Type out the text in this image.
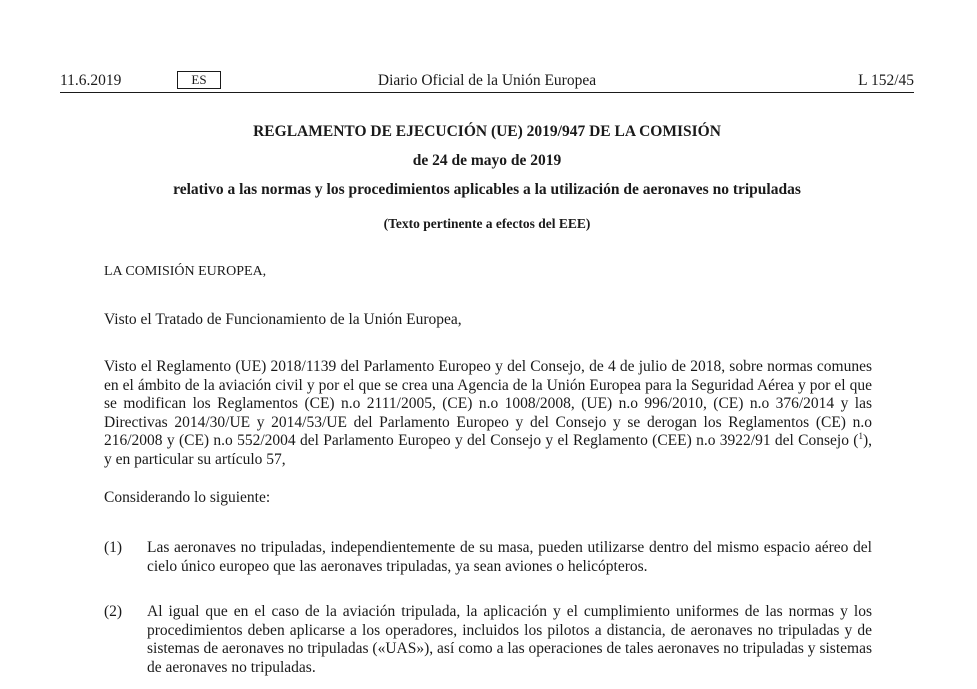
11.6.2019	ES	Diario Oficial de la Unión Europea	L 152/45
REGLAMENTO DE EJECUCIÓN (UE) 2019/947 DE LA COMISIÓN
de 24 de mayo de 2019
relativo a las normas y los procedimientos aplicables a la utilización de aeronaves no tripuladas
(Texto pertinente a efectos del EEE)
LA COMISIÓN EUROPEA,
Visto el Tratado de Funcionamiento de la Unión Europea,
Visto el Reglamento (UE) 2018/1139 del Parlamento Europeo y del Consejo, de 4 de julio de 2018, sobre normas comunes en el ámbito de la aviación civil y por el que se crea una Agencia de la Unión Europea para la Seguridad Aérea y por el que se modifican los Reglamentos (CE) n.o 2111/2005, (CE) n.o 1008/2008, (UE) n.o 996/2010, (CE) n.o 376/2014 y las Directivas 2014/30/UE y 2014/53/UE del Parlamento Europeo y del Consejo y se derogan los Reglamentos (CE) n.o 216/2008 y (CE) n.o 552/2004 del Parlamento Europeo y del Consejo y el Reglamento (CEE) n.o 3922/91 del Consejo ($^1$), y en particular su artículo 57,
Considerando lo siguiente:
(1) Las aeronaves no tripuladas, independientemente de su masa, pueden utilizarse dentro del mismo espacio aéreo del cielo único europeo que las aeronaves tripuladas, ya sean aviones o helicópteros.
(2) Al igual que en el caso de la aviación tripulada, la aplicación y el cumplimiento uniformes de las normas y los procedimientos deben aplicarse a los operadores, incluidos los pilotos a distancia, de aeronaves no tripuladas y de sistemas de aeronaves no tripuladas («UAS»), así como a las operaciones de tales aeronaves no tripuladas y sistemas de aeronaves no tripuladas.
